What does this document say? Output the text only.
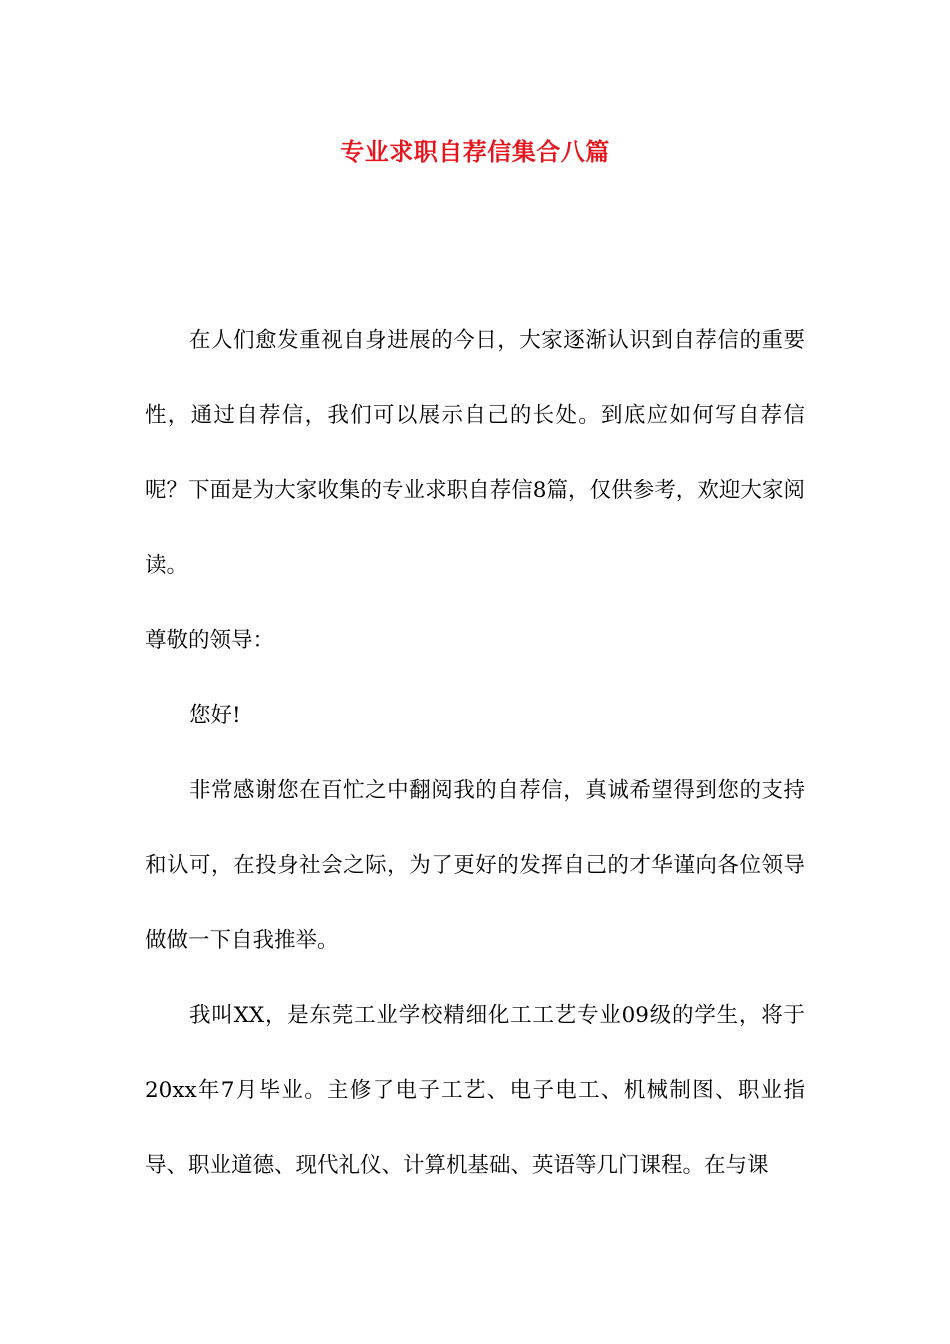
专业求职自荐信集合八篇

在人们愈发重视自身进展的今日，大家逐渐认识到自荐信的重要性，通过自荐信，我们可以展示自己的长处。到底应如何写自荐信呢？下面是为大家收集的专业求职自荐信8篇，仅供参考，欢迎大家阅读。

尊敬的领导：

您好!

非常感谢您在百忙之中翻阅我的自荐信，真诚希望得到您的支持和认可，在投身社会之际，为了更好的发挥自己的才华谨向各位领导做做一下自我推举。

我叫XX，是东莞工业学校精细化工工艺专业09级的学生，将于20xx年7月毕业。主修了电子工艺、电子电工、机械制图、职业指导、职业道德、现代礼仪、计算机基础、英语等几门课程。在与课
